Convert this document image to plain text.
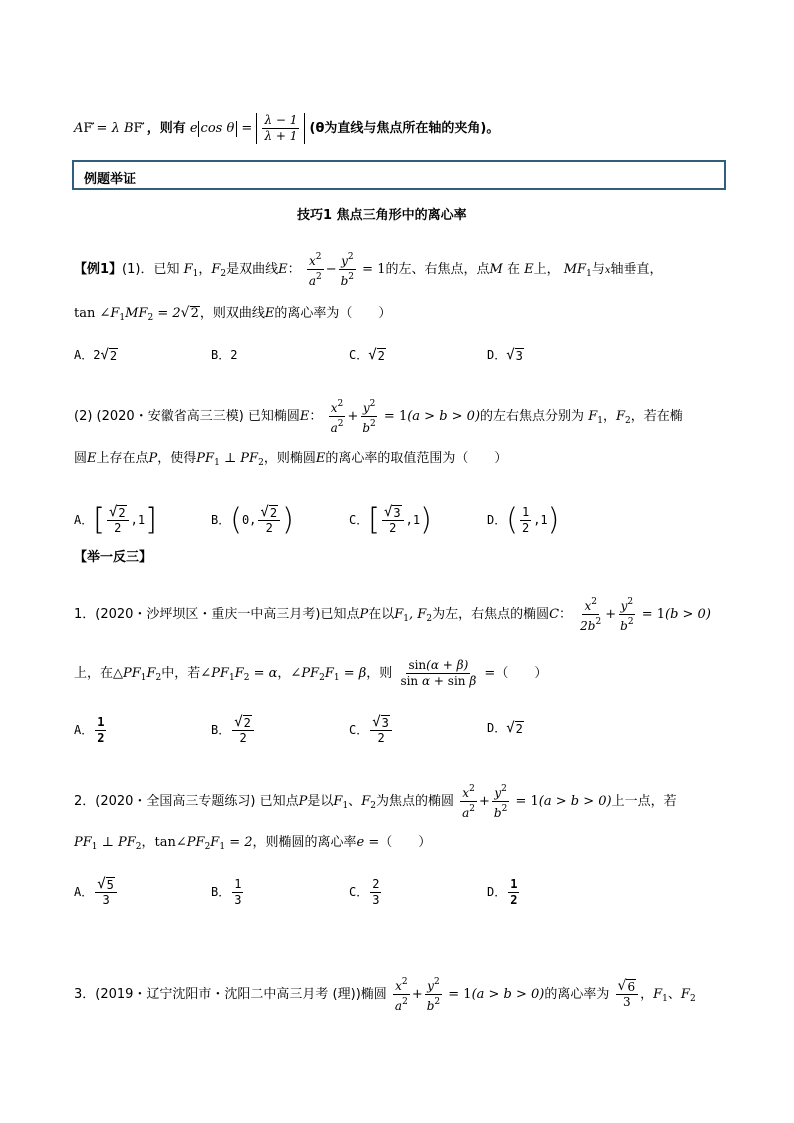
AF⃗ = λ BF ，则有 e $\cos \theta = \frac{\lambda - 1}{\lambda + 1} (\theta$为直线与焦点所在轴的夹角)。
例题举证
技巧1 焦点三角形中的离心率
【例1】(1)．已知 $F_1$，$F_2$是双曲线E： $\frac{x^2}{a^2} - \frac{y^2}{b^2} = 1$的左、右焦点，点M 在 E上， $MF_1$与x轴垂直，
$\tan \angle F_1MF_2 = 2$ √ 2 ，则双曲线E的离心率为（　　）
A．2 √ 2	B．2	C． √ 2	D． √ 3
(2) (2020・安徽省高三三模) 已知椭圆E： $\frac{x^2}{a^2} + \frac{y^2}{b^2} = 1(a > b > 0)$的左右焦点分别为 $F_1$，$F_2$，若在椭
圆E上存在点P，使得$PF_1$ ⊥ $PF_2$，则椭圆E的离心率的取值范围为（　　）
A．[ $\frac{√ 2}{2} ,1$]	B．(0, $\frac{√ 2}{2}$ )	C．[ $\frac{√ 3}{2} ,1$)	D．( $\frac{1}{2} ,1$)
【举一反三】
1．(2020・沙坪坝区・重庆一中高三月考)已知点P在以$F_1$, $F_2$为左，右焦点的椭圆C： $\frac{x^2}{2b^2} + \frac{y^2}{b^2} = 1(b > 0)$
上，在$\triangle PF_1F_2$中，若$\angle PF_1F_2 = \alpha$，$\angle PF_2F_1 = \beta$，则 $\frac{\sin(\alpha + \beta)}{\text{sin α + sin β}}$ =（　　）
A． $\frac{1}{2}$	B． $\frac{√ 2}{2}$	C． $\frac{√ 3}{2}$	D． √ 2
2．(2020・全国高三专题练习) 已知点P是以$F_1$、$F_2$为焦点的椭圆 $\frac{x^2}{a^2} + \frac{y^2}{b^2} = 1(a > b > 0)$上一点，若
$PF_1$ ⊥ $PF_2$，$\tan\angle PF_2F_1 = 2$，则椭圆的离心率e =（　　）
A． $\frac{√ 5}{3}$	B． $\frac{1}{3}$	C． $\frac{2}{3}$	D． $\frac{1}{2}$
3．(2019・辽宁沈阳市・沈阳二中高三月考 (理))椭圆 $\frac{x^2}{a^2} + \frac{y^2}{b^2} = 1(a > b > 0)$的离心率为 $\frac{√ 6}{3}$ ，$F_1$、$F_2$
